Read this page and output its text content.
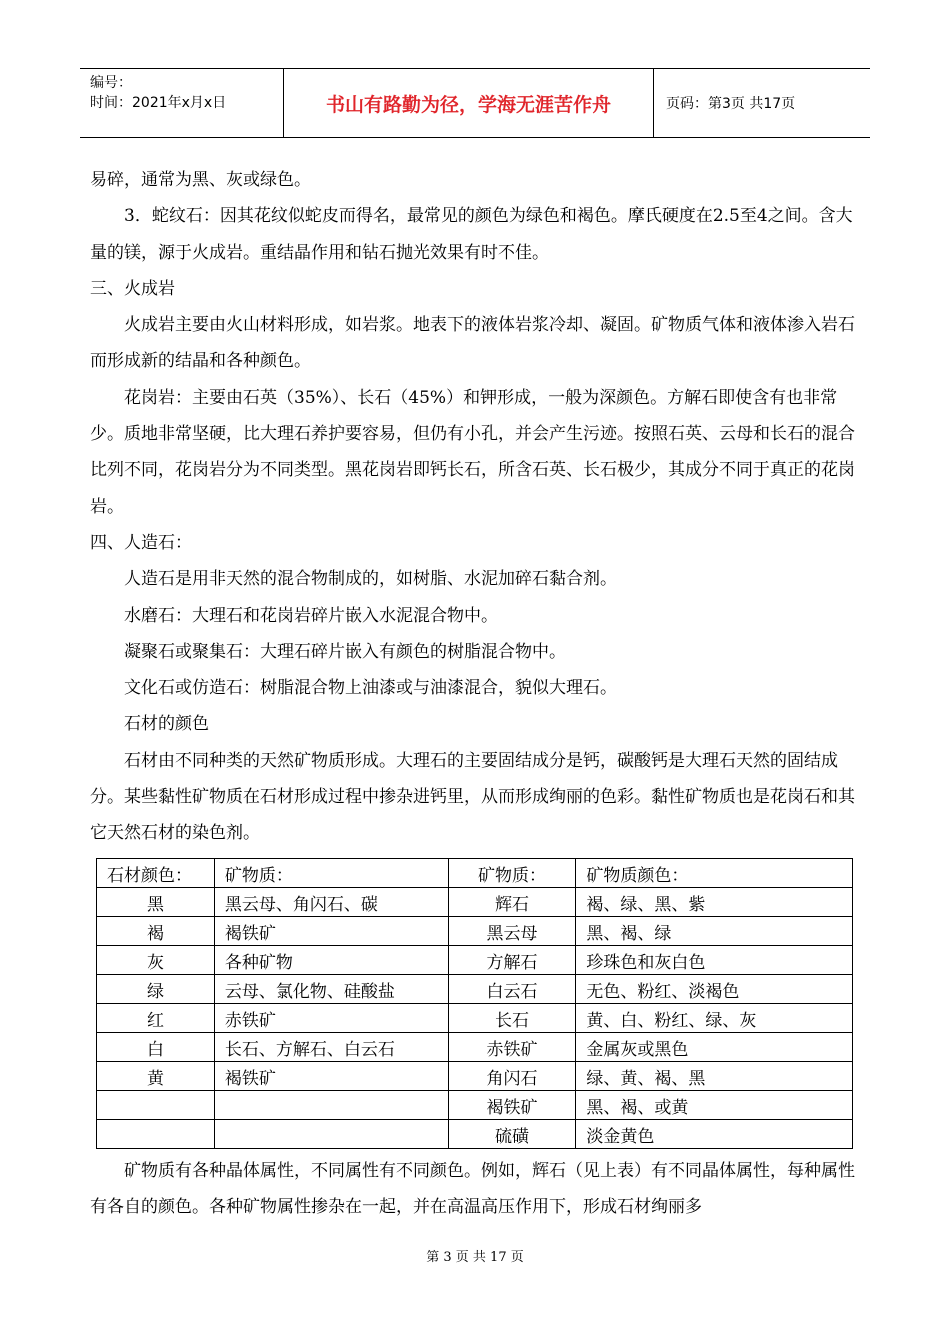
编号：
时间：2021年x月x日	书山有路勤为径，学海无涯苦作舟	页码：第3页 共17页

易碎，通常为黑、灰或绿色。

3．蛇纹石：因其花纹似蛇皮而得名，最常见的颜色为绿色和褐色。摩氏硬度在2.5至4之间。含大量的镁，源于火成岩。重结晶作用和钻石抛光效果有时不佳。

三、火成岩

火成岩主要由火山材料形成，如岩浆。地表下的液体岩浆冷却、凝固。矿物质气体和液体渗入岩石而形成新的结晶和各种颜色。

花岗岩：主要由石英（35%）、长石（45%）和钾形成，一般为深颜色。方解石即使含有也非常少。质地非常坚硬，比大理石养护要容易，但仍有小孔，并会产生污迹。按照石英、云母和长石的混合比列不同，花岗岩分为不同类型。黑花岗岩即钙长石，所含石英、长石极少，其成分不同于真正的花岗岩。

四、人造石：

人造石是用非天然的混合物制成的，如树脂、水泥加碎石黏合剂。

水磨石：大理石和花岗岩碎片嵌入水泥混合物中。

凝聚石或聚集石：大理石碎片嵌入有颜色的树脂混合物中。

文化石或仿造石：树脂混合物上油漆或与油漆混合，貌似大理石。

石材的颜色

石材由不同种类的天然矿物质形成。大理石的主要固结成分是钙，碳酸钙是大理石天然的固结成分。某些黏性矿物质在石材形成过程中掺杂进钙里，从而形成绚丽的色彩。黏性矿物质也是花岗石和其它天然石材的染色剂。

石材颜色：	矿物质：	矿物质：	矿物质颜色：
黑	黑云母、角闪石、碳	辉石	褐、绿、黑、紫
褐	褐铁矿	黑云母	黑、褐、绿
灰	各种矿物	方解石	珍珠色和灰白色
绿	云母、氯化物、硅酸盐	白云石	无色、粉红、淡褐色
红	赤铁矿	长石	黄、白、粉红、绿、灰
白	长石、方解石、白云石	赤铁矿	金属灰或黑色
黄	褐铁矿	角闪石	绿、黄、褐、黑
		褐铁矿	黑、褐、或黄
		硫磺	淡金黄色

矿物质有各种晶体属性，不同属性有不同颜色。例如，辉石（见上表）有不同晶体属性，每种属性有各自的颜色。各种矿物属性掺杂在一起，并在高温高压作用下，形成石材绚丽多

第 3 页 共 17 页
